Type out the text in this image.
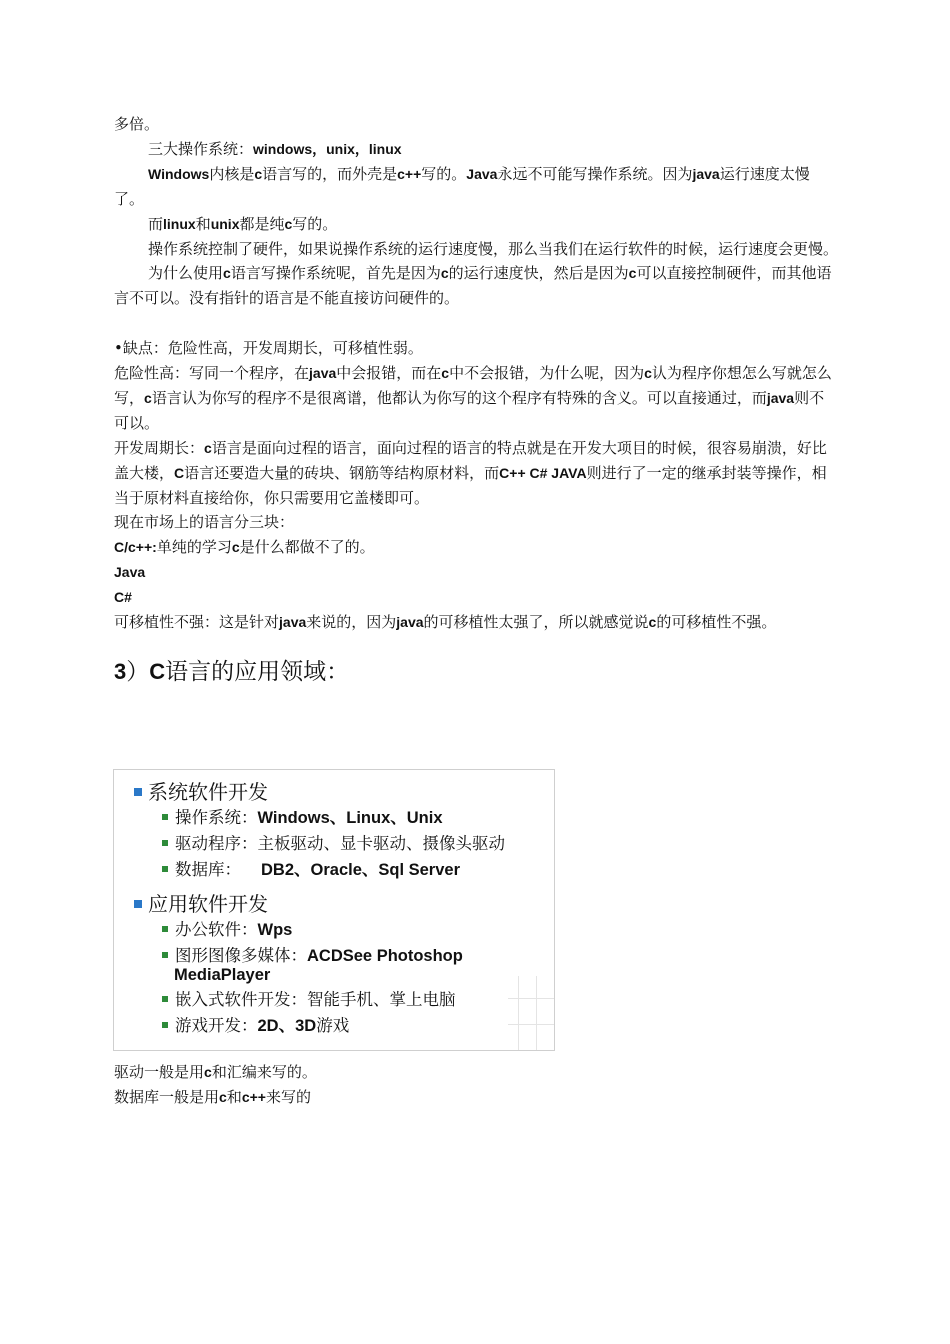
多倍。

三大操作系统：windows，unix，linux

Windows内核是c语言写的，而外壳是c++写的。Java永远不可能写操作系统。因为java运行速度太慢了。

而linux和unix都是纯c写的。

操作系统控制了硬件，如果说操作系统的运行速度慢，那么当我们在运行软件的时候，运行速度会更慢。

为什么使用c语言写操作系统呢，首先是因为c的运行速度快，然后是因为c可以直接控制硬件，而其他语言不可以。没有指针的语言是不能直接访问硬件的。

•缺点：危险性高，开发周期长，可移植性弱。

危险性高：写同一个程序，在java中会报错，而在c中不会报错，为什么呢，因为c认为程序你想怎么写就怎么写，c语言认为你写的程序不是很离谱，他都认为你写的这个程序有特殊的含义。可以直接通过，而java则不可以。

开发周期长：c语言是面向过程的语言，面向过程的语言的特点就是在开发大项目的时候，很容易崩溃，好比盖大楼，C语言还要造大量的砖块、钢筋等结构原材料，而C++ C# JAVA则进行了一定的继承封装等操作，相当于原材料直接给你，你只需要用它盖楼即可。

现在市场上的语言分三块：

C/c++:单纯的学习c是什么都做不了的。

Java

C#

可移植性不强：这是针对java来说的，因为java的可移植性太强了，所以就感觉说c的可移植性不强。

3）C语言的应用领域：

系统软件开发
操作系统：Windows、Linux、Unix
驱动程序：主板驱动、显卡驱动、摄像头驱动
数据库： DB2、Oracle、Sql Server
应用软件开发
办公软件：Wps
图形图像多媒体：ACDSee Photoshop
MediaPlayer
嵌入式软件开发：智能手机、掌上电脑
游戏开发：2D、3D游戏

驱动一般是用c和汇编来写的。

数据库一般是用c和c++来写的
